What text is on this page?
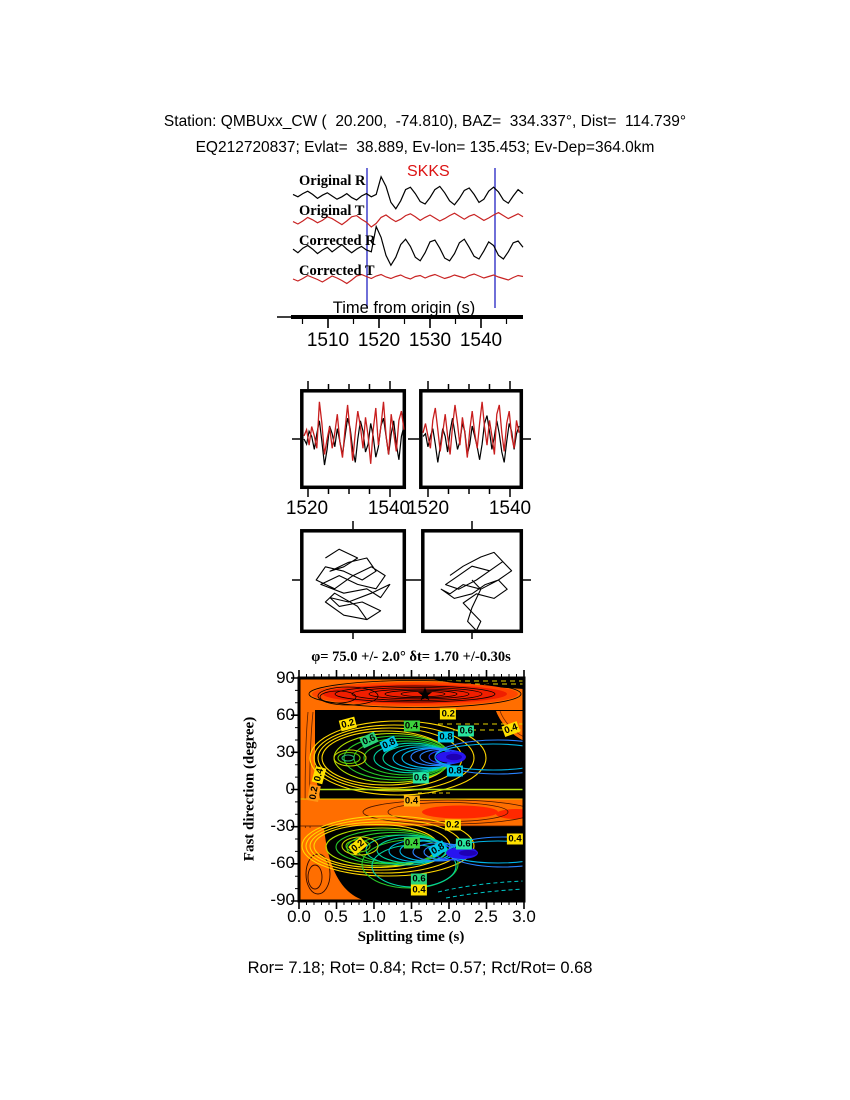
Station: QMBUxx_CW (  20.200,  -74.810), BAZ=  334.337°, Dist=  114.739°
EQ212720837; Evlat=  38.889, Ev-lon= 135.453; Ev-Dep=364.0km
Original R
Original T
Corrected R
Corrected T
SKKS
Time from origin (s)
1510 1520 1530 1540
1520 1540
1520 1540
φ= 75.0 +/- 2.0° δt= 1.70 +/-0.30s
0.2	0.4
0.2
0.6	0.4
0.6 0.8	0.8
0.8
0.6
0.4
0.4
0.2
0.2
0.4
0.4	0.6
0.2	0.8
0.6
0.4
90
60
30
0
-30
-60
-90
0.0 0.5 1.0 1.5 2.0 2.5 3.0
Fast direction (degree)
Splitting time (s)
Ror= 7.18; Rot= 0.84; Rct= 0.57; Rct/Rot= 0.68
